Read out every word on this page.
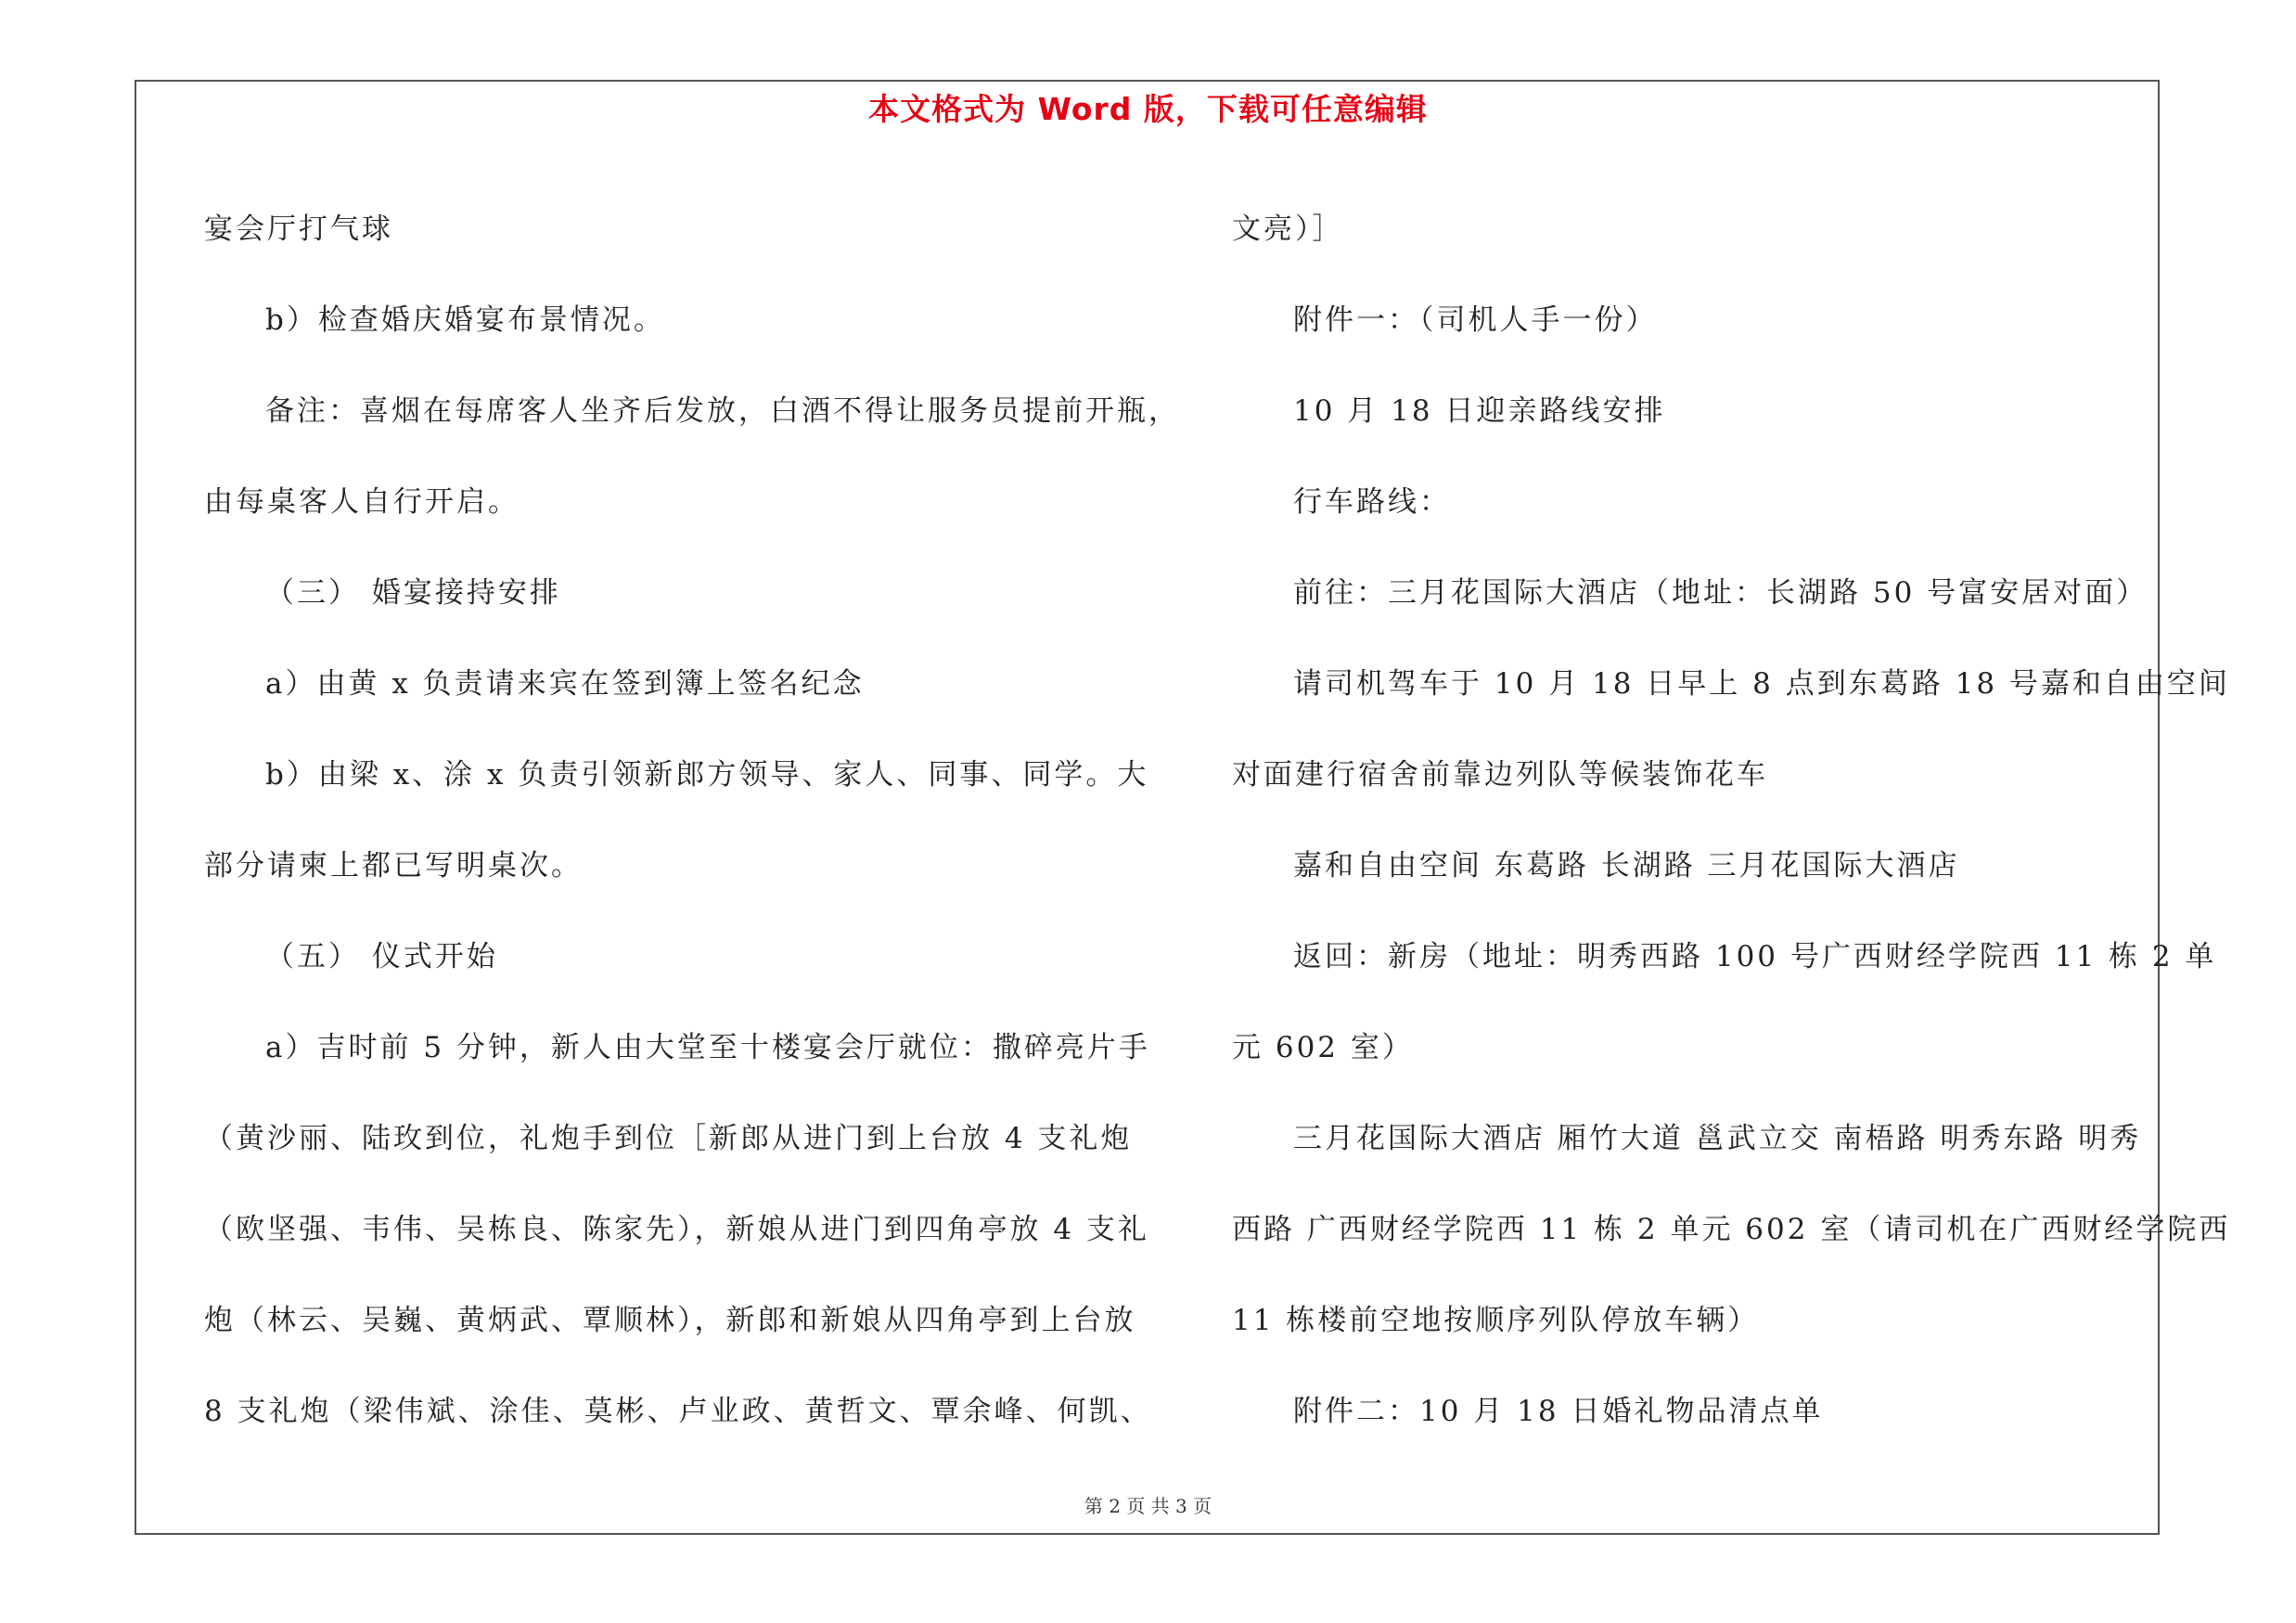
本文格式为 Word 版，下载可任意编辑
宴会厅打气球
b）检查婚庆婚宴布景情况。
备注：喜烟在每席客人坐齐后发放，白酒不得让服务员提前开瓶，
由每桌客人自行开启。
（三） 婚宴接持安排
a）由黄 x 负责请来宾在签到簿上签名纪念
b）由梁 x、涂 x 负责引领新郎方领导、家人、同事、同学。大
部分请柬上都已写明桌次。
（五） 仪式开始
a）吉时前 5 分钟，新人由大堂至十楼宴会厅就位：撒碎亮片手
（黄沙丽、陆玫到位，礼炮手到位［新郎从进门到上台放 4 支礼炮
（欧坚强、韦伟、吴栋良、陈家先），新娘从进门到四角亭放 4 支礼
炮（林云、吴巍、黄炳武、覃顺林），新郎和新娘从四角亭到上台放
8 支礼炮（梁伟斌、涂佳、莫彬、卢业政、黄哲文、覃余峰、何凯、
文亮）］
附件一：（司机人手一份）
10 月 18 日迎亲路线安排
行车路线：
前往：三月花国际大酒店（地址：长湖路 50 号富安居对面）
请司机驾车于 10 月 18 日早上 8 点到东葛路 18 号嘉和自由空间
对面建行宿舍前靠边列队等候装饰花车
嘉和自由空间 东葛路 长湖路 三月花国际大酒店
返回：新房（地址：明秀西路 100 号广西财经学院西 11 栋 2 单
元 602 室）
三月花国际大酒店 厢竹大道 邕武立交 南梧路 明秀东路 明秀
西路 广西财经学院西 11 栋 2 单元 602 室（请司机在广西财经学院西
11 栋楼前空地按顺序列队停放车辆）
附件二：10 月 18 日婚礼物品清点单
第 2 页 共 3 页
